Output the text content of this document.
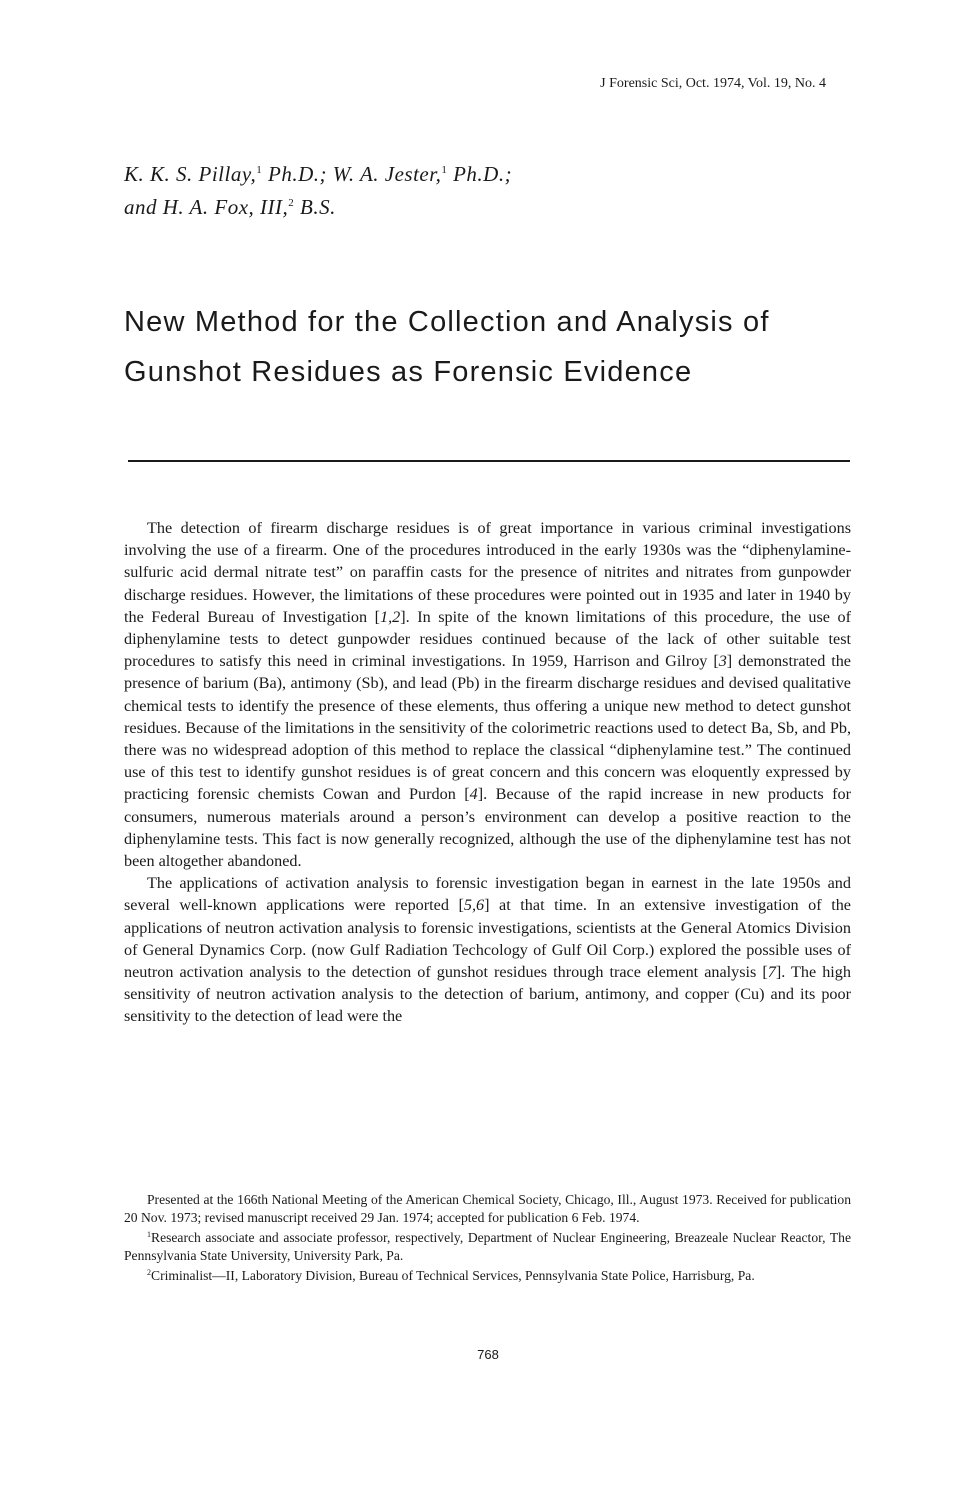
J Forensic Sci, Oct. 1974, Vol. 19, No. 4
K. K. S. Pillay,$^1$ Ph.D.; W. A. Jester,$^1$ Ph.D.;
and H. A. Fox, III,$^2$ B.S.
New Method for the Collection and Analysis of
Gunshot Residues as Forensic Evidence

The detection of firearm discharge residues is of great importance in various criminal investigations involving the use of a firearm. One of the procedures introduced in the early 1930s was the “diphenylamine-sulfuric acid dermal nitrate test” on paraffin casts for the presence of nitrites and nitrates from gunpowder discharge residues. However, the limitations of these procedures were pointed out in 1935 and later in 1940 by the Federal Bureau of Investigation [1,2]. In spite of the known limitations of this procedure, the use of diphenylamine tests to detect gunpowder residues continued because of the lack of other suitable test procedures to satisfy this need in criminal investigations. In 1959, Harrison and Gilroy [3] demonstrated the presence of barium (Ba), antimony (Sb), and lead (Pb) in the firearm discharge residues and devised qualitative chemical tests to identify the presence of these elements, thus offering a unique new method to detect gunshot residues. Because of the limitations in the sensitivity of the colorimetric reactions used to detect Ba, Sb, and Pb, there was no widespread adoption of this method to replace the classical “diphenylamine test.” The continued use of this test to identify gunshot residues is of great concern and this concern was eloquently expressed by practicing forensic chemists Cowan and Purdon [4]. Because of the rapid increase in new products for consumers, numerous materials around a person’s environment can develop a positive reaction to the diphenylamine tests. This fact is now generally recognized, although the use of the diphenylamine test has not been altogether abandoned.

The applications of activation analysis to forensic investigation began in earnest in the late 1950s and several well-known applications were reported [5,6] at that time. In an extensive investigation of the applications of neutron activation analysis to forensic investigations, scientists at the General Atomics Division of General Dynamics Corp. (now Gulf Radiation Techcology of Gulf Oil Corp.) explored the possible uses of neutron activation analysis to the detection of gunshot residues through trace element analysis [7]. The high sensitivity of neutron activation analysis to the detection of barium, antimony, and copper (Cu) and its poor sensitivity to the detection of lead were the

Presented at the 166th National Meeting of the American Chemical Society, Chicago, Ill., August 1973. Received for publication 20 Nov. 1973; revised manuscript received 29 Jan. 1974; accepted for publication 6 Feb. 1974.

$^1$Research associate and associate professor, respectively, Department of Nuclear Engineering, Breazeale Nuclear Reactor, The Pennsylvania State University, University Park, Pa.

$^2$Criminalist—II, Laboratory Division, Bureau of Technical Services, Pennsylvania State Police, Harrisburg, Pa.

768
